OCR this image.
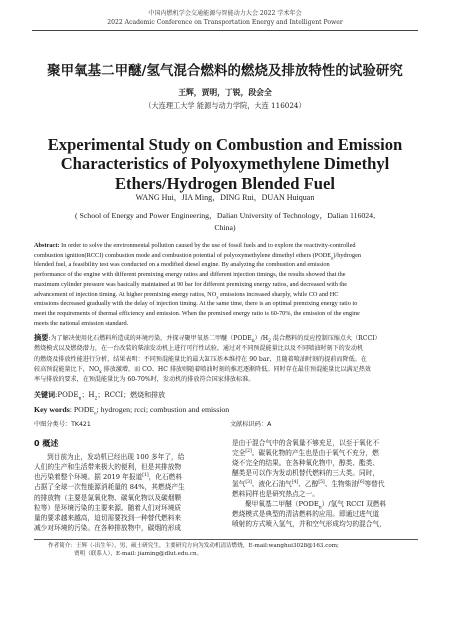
中国内燃机学会交通能源与智能动力大会 2022 学术年会
2022 Academic Conference on Transportation Energy and Intelligent Power
聚甲氧基二甲醚/氢气混合燃料的燃烧及排放特性的试验研究
王辉，贾明，丁锐，段会全
（大连理工大学 能源与动力学院，大连 116024）
Experimental Study on Combustion and Emission Characteristics of Polyoxymethylene Dimethyl Ethers/Hydrogen Blended Fuel
WANG Hui，JIA Ming，DING Rui，DUAN Huiquan
( School of Energy and Power Engineering，Dalian University of Technology，Dalian 116024,
China)
Abstract: In order to solve the environmental pollution caused by the use of fossil fuels and to explore the reactivity-controlled
combustion ignition(RCCI) combustion mode and combustion potential of polyoxymethylene dimethyl ethers $(PODE_n)$/hydrogen
blended fuel, a feasibility test was conducted on a modified diesel engine. By analyzing the combustion and emission
performance of the engine with different premixing energy ratios and different injection timings, the results showed that the
maximum cylinder pressure was basically maintained at 90 bar for different premixing energy ratios, and decreased with the
advancement of injection timing. At higher premixing energy ratios, $NO_x$ emissions increased sharply, while CO and HC
emissions decreased gradually with the delay of injection timing. At the same time, there is an optimal premixing energy ratio to
meet the requirements of thermal efficiency and emission. When the premixed energy ratio is 60-70%, the emission of the engine
meets the national emission standard.
摘要:为了解决使用化石燃料所造成的环境污染，并探寻聚甲氧基二甲醚$(PODE_n)/H_2$ 混合燃料的反应控制压缩点火（RCCI）
燃烧模式以及燃烧潜力，在一台改装的柴油发动机上进行可行性试验。通过对不同预混能量比以及不同喷油时刻下的发动机
的燃烧及排放性能进行分析，结果表明：不同预混能量比的最大缸压基本维持在 90 bar，且随着喷油时刻的提前而降低。在
较高预混能量比下，$NO_x$ 排放激增，而 CO、HC 排放则随着喷油时刻的推迟逐渐降低。同时存在最佳预混能量比以满足热效
率与排放的要求，在预混能量比为 60-70%时，发动机的排放符合国家排放标准。
关键词$:PODE_n$；$H_2$；RCCI；燃烧和排放
Key words: $PODE_n$; hydrogen; rcci; combustion and emission
中图分类号：TK421	文献标识码：A
0 概述
到目前为止，发动机已经出现 100 多年了，给
人们的生产和生活带来极大的便利，但是其排放物
也污染着整个环境。据 2019 年报道[1]，化石燃料
占据了全球一次性能源消耗量的 84%，其燃烧产生
的排放物（主要是氮氧化物、碳氧化物以及碳烟颗
粒等）是环境污染的主要来源。随着人们对环境质
量的要求越来越高，迫切需要找到一种替代燃料来
减少对环境的污染。在各种排放物中，碳烟的形成
是由于混合气中的含氧量不够充足，以至于氧化不
完全[2]。碳氧化物的产生也是由于氧气不充分，燃
烧不完全的结果。在各种氧化物中，醇类、酯类、
醚类是可以作为发动机替代燃料的三大类。同时，
氢气[3]、液化石油气[4]、乙醇[5]、生物柴油[6]等替代
燃料同样也是研究热点之一。
聚甲氧基二甲醚$(PODE_n)/$氢气 RCCI 双燃料
燃烧模式是典型的清洁燃料的应用。即通过进气道
喷射的方式喷入氢气，并和空气形成均匀的混合气，
作者简介：王辉（-出生年），男，硕士研究生，主要研究方向为发动机清洁燃烧，E-mail:wanghui3028@163.com;
贾明（联系人），E-mail: jiaming@dlut.edu.cn。
